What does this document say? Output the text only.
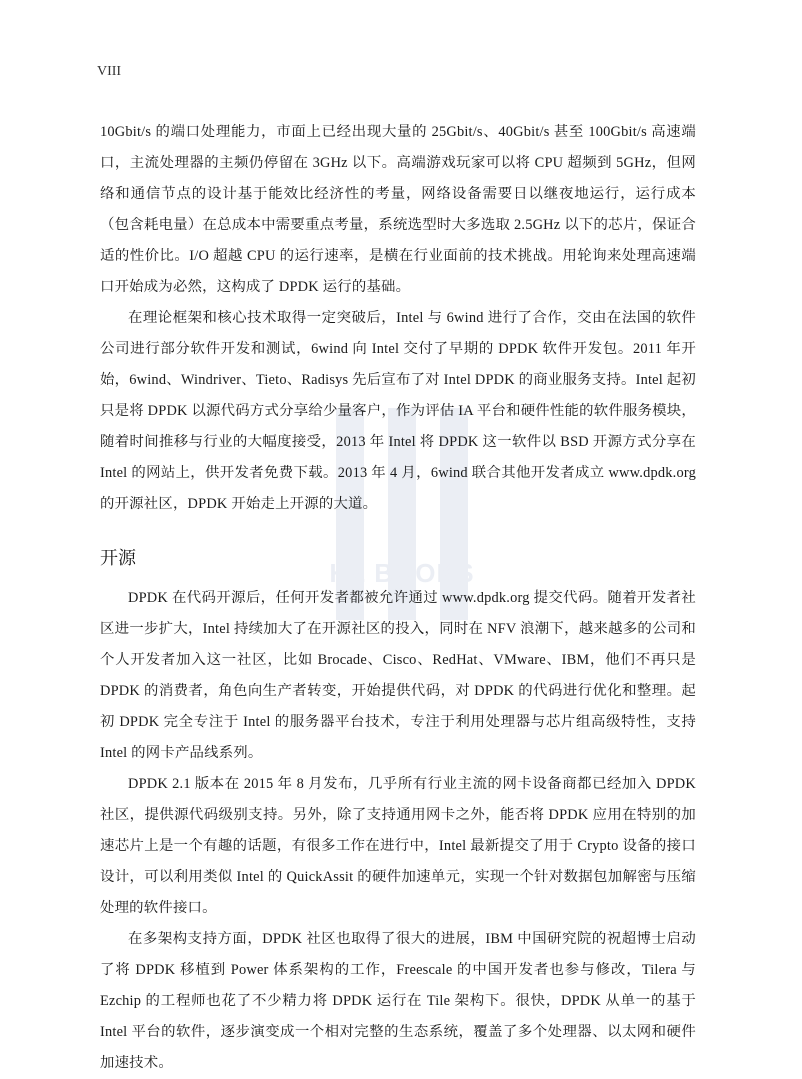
HZ BOOKS
VIII

10Gbit/s 的端口处理能力，市面上已经出现大量的 25Gbit/s、40Gbit/s 甚至 100Gbit/s 高速端口，主流处理器的主频仍停留在 3GHz 以下。高端游戏玩家可以将 CPU 超频到 5GHz，但网络和通信节点的设计基于能效比经济性的考量，网络设备需要日以继夜地运行，运行成本（包含耗电量）在总成本中需要重点考量，系统选型时大多选取 2.5GHz 以下的芯片，保证合适的性价比。I/O 超越 CPU 的运行速率，是横在行业面前的技术挑战。用轮询来处理高速端口开始成为必然，这构成了 DPDK 运行的基础。

在理论框架和核心技术取得一定突破后，Intel 与 6wind 进行了合作，交由在法国的软件公司进行部分软件开发和测试，6wind 向 Intel 交付了早期的 DPDK 软件开发包。2011 年开始，6wind、Windriver、Tieto、Radisys 先后宣布了对 Intel DPDK 的商业服务支持。Intel 起初只是将 DPDK 以源代码方式分享给少量客户，作为评估 IA 平台和硬件性能的软件服务模块，随着时间推移与行业的大幅度接受，2013 年 Intel 将 DPDK 这一软件以 BSD 开源方式分享在 Intel 的网站上，供开发者免费下载。2013 年 4 月，6wind 联合其他开发者成立 www.dpdk.org 的开源社区，DPDK 开始走上开源的大道。

开源

DPDK 在代码开源后，任何开发者都被允许通过 www.dpdk.org 提交代码。随着开发者社区进一步扩大，Intel 持续加大了在开源社区的投入，同时在 NFV 浪潮下，越来越多的公司和个人开发者加入这一社区，比如 Brocade、Cisco、RedHat、VMware、IBM，他们不再只是 DPDK 的消费者，角色向生产者转变，开始提供代码，对 DPDK 的代码进行优化和整理。起初 DPDK 完全专注于 Intel 的服务器平台技术，专注于利用处理器与芯片组高级特性，支持 Intel 的网卡产品线系列。

DPDK 2.1 版本在 2015 年 8 月发布，几乎所有行业主流的网卡设备商都已经加入 DPDK 社区，提供源代码级别支持。另外，除了支持通用网卡之外，能否将 DPDK 应用在特别的加速芯片上是一个有趣的话题，有很多工作在进行中，Intel 最新提交了用于 Crypto 设备的接口设计，可以利用类似 Intel 的 QuickAssit 的硬件加速单元，实现一个针对数据包加解密与压缩处理的软件接口。

在多架构支持方面，DPDK 社区也取得了很大的进展，IBM 中国研究院的祝超博士启动了将 DPDK 移植到 Power 体系架构的工作，Freescale 的中国开发者也参与修改，Tilera 与 Ezchip 的工程师也花了不少精力将 DPDK 运行在 Tile 架构下。很快，DPDK 从单一的基于 Intel 平台的软件，逐步演变成一个相对完整的生态系统，覆盖了多个处理器、以太网和硬件加速技术。
